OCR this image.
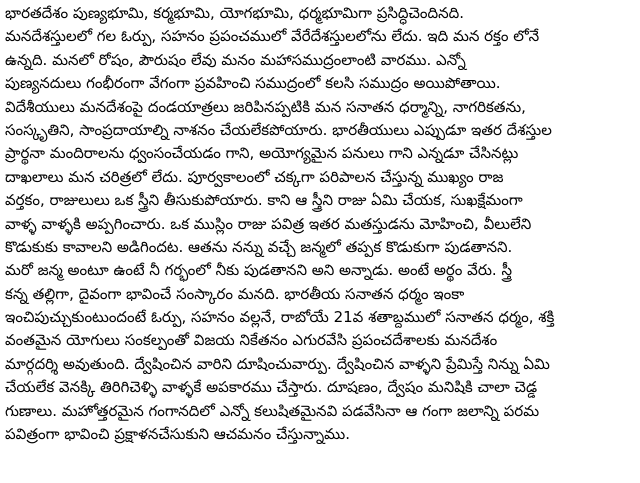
భారతదేశం పుణ్యభూమి, కర్మభూమి, యోగభూమి, ధర్మభూమిగా ప్రసిద్ధిచెందినది.
మనదేశస్తులలో గల ఓర్పు, సహనం ప్రపంచములో వేరేదేశస్తులలోను లేదు. ఇది మన రక్తం లోనే
ఉన్నది. మనలో రోషం, పౌరుషం లేవు మనం మహాసముద్రంలాంటి వారము. ఎన్నో
పుణ్యనదులు గంభీరంగా వేగంగా ప్రవహించి సముద్రంలో కలసి సముద్రం అయిపోతాయి.
విదేశీయులు మనదేశంపై దండయాత్రలు జరిపినప్పటికి మన సనాతన ధర్మాన్ని, నాగరికతను,
సంస్కృతిని, సాంప్రదాయాల్ని నాశనం చేయలేకపోయారు. భారతీయులు ఎప్పుడూ ఇతర దేశస్తుల
ప్రార్థనా మందిరాలను ధ్వంసంచేయడం గాని, అయోగ్యమైన పనులు గాని ఎన్నడూ చేసినట్లు
దాఖలాలు మన చరిత్రలో లేదు. పూర్వకాలంలో చక్కగా పరిపాలన చేస్తున్న ముఖ్యం రాజ
వర్తకం, రాజులులు ఒక స్త్రీని తీసుకుపోయారు. కాని ఆ స్త్రీని రాజు ఏమి చేయక, సుఖక్షేమంగా
వాళ్ళ వాళ్ళకి అప్పగించారు. ఒక ముస్లిం రాజు పవిత్ర ఇతర మతస్తుడను మోహించి, వీలులేని
కొడుకుకు కావాలని అడిగిందట. ఆతను నన్ను వచ్చే జన్మలో తప్పక కొడుకుగా పుడతానని.
మరో జన్మ అంటూ ఉంటే నీ గర్భంలో నీకు పుడతానని అని అన్నాడు. అంటే అర్థం వేరు. స్త్రీ
కన్న తల్లిగా, దైవంగా భావించే సంస్కారం మనది. భారతీయ సనాతన ధర్మం ఇంకా
ఇంచిపుచ్చుకుంటుందంటే ఓర్పు, సహనం వల్లనే, రాబోయే 21వ శతాబ్దములో సనాతన ధర్మం, శక్తి
వంతమైన యోగులు సంకల్పంతో విజయ నికేతనం ఎగురవేసి ప్రపంచదేశాలకు మనదేశం
మార్గదర్శి అవుతుంది. ద్వేషించిన వారిని దూషించువార్పు. ద్వేషించిన వాళ్ళని ప్రేమిస్తే నిన్ను ఏమి
చేయలేక వెనక్కి తిరిగిచెళ్ళి వాళ్ళకే అపకారము చేస్తారు. దూషణం, ద్వేషం మనిషికి చాలా చెడ్డ
గుణాలు. మహోత్తరమైన గంగానదిలో ఎన్నో కలుషితమైనవి పడవేసినా ఆ గంగా జలాన్ని పరమ
పవిత్రంగా భావించి ప్రక్షాళనచేసుకుని ఆచమనం చేస్తున్నాము.
